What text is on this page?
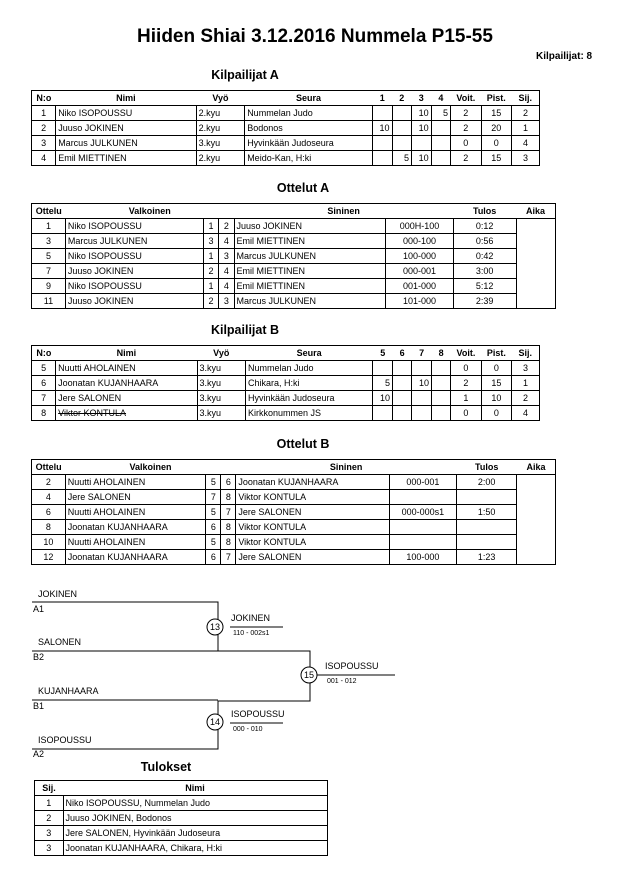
Hiiden Shiai 3.12.2016 Nummela P15-55
Kilpailijat: 8
Kilpailijat A
N:o	Nimi	Vyö	Seura	1	2	3	4	Voit.	Pist.	Sij.
1	Niko ISOPOUSSU	2.kyu	Nummelan Judo			10	5	2	15	2
2	Juuso JOKINEN	2.kyu	Bodonos	10		10		2	20	1
3	Marcus JULKUNEN	3.kyu	Hyvinkään Judoseura					0	0	4
4	Emil MIETTINEN	2.kyu	Meido-Kan, H:ki		5	10		2	15	3
Ottelut A
Ottelu	Valkoinen			Sininen		Tulos	Aika
1	Niko ISOPOUSSU	1	2	Juuso JOKINEN	000H-100	0:12	
3	Marcus JULKUNEN	3	4	Emil MIETTINEN	000-100	0:56	
5	Niko ISOPOUSSU	1	3	Marcus JULKUNEN	100-000	0:42	
7	Juuso JOKINEN	2	4	Emil MIETTINEN	000-001	3:00	
9	Niko ISOPOUSSU	1	4	Emil MIETTINEN	001-000	5:12	
11	Juuso JOKINEN	2	3	Marcus JULKUNEN	101-000	2:39	
Kilpailijat B
N:o	Nimi	Vyö	Seura	5	6	7	8	Voit.	Pist.	Sij.
5	Nuutti AHOLAINEN	3.kyu	Nummelan Judo					0	0	3
6	Joonatan KUJANHAARA	3.kyu	Chikara, H:ki	5		10		2	15	1
7	Jere SALONEN	3.kyu	Hyvinkään Judoseura	10				1	10	2
8	Viktor KONTULA	3.kyu	Kirkkonummen JS					0	0	4
Ottelut B
Ottelu	Valkoinen			Sininen		Tulos	Aika
2	Nuutti AHOLAINEN	5	6	Joonatan KUJANHAARA	000-001	2:00	
4	Jere SALONEN	7	8	Viktor KONTULA			
6	Nuutti AHOLAINEN	5	7	Jere SALONEN	000-000s1	1:50	
8	Joonatan KUJANHAARA	6	8	Viktor KONTULA			
10	Nuutti AHOLAINEN	5	8	Viktor KONTULA			
12	Joonatan KUJANHAARA	6	7	Jere SALONEN	100-000	1:23	
JOKINEN
A1
SALONEN
B2
KUJANHAARA
B1
ISOPOUSSU
A2
13
14
15
JOKINEN
ISOPOUSSU
ISOPOUSSU
110 - 002s1
000 - 010
001 - 012
Tulokset
Sij.	Nimi
1	Niko ISOPOUSSU, Nummelan Judo
2	Juuso JOKINEN, Bodonos
3	Jere SALONEN, Hyvinkään Judoseura
3	Joonatan KUJANHAARA, Chikara, H:ki
